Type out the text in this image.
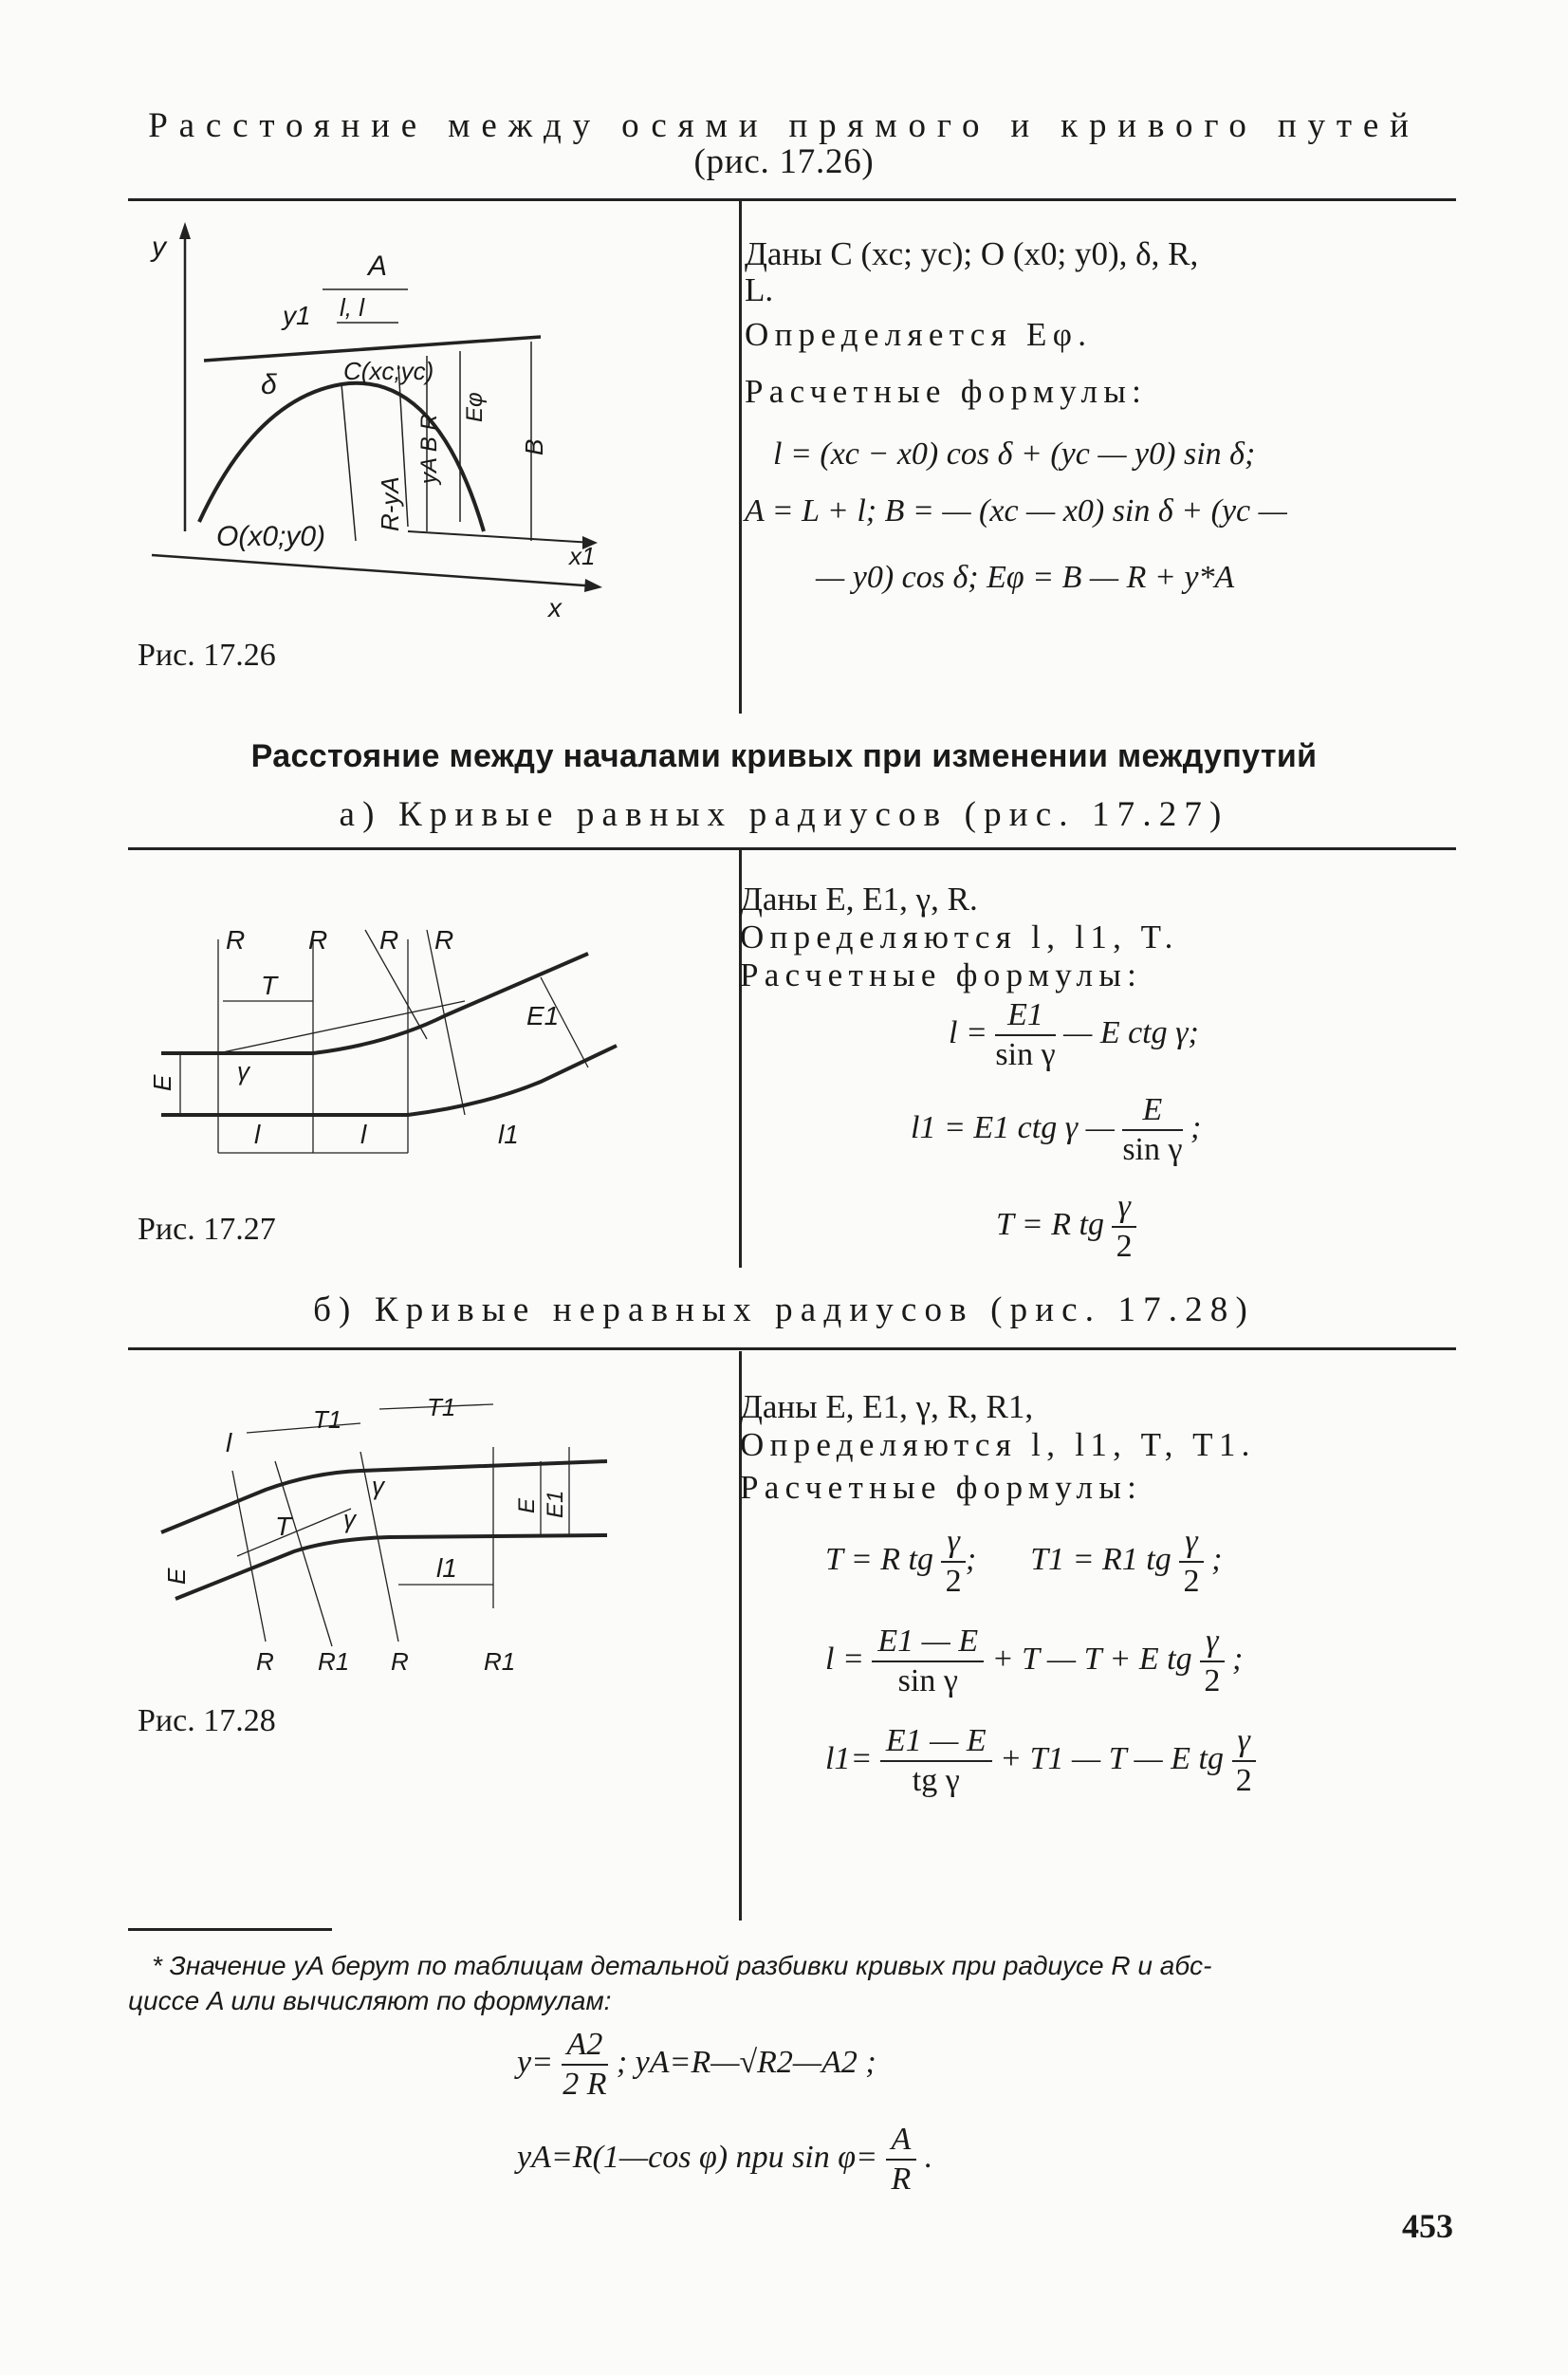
Расстояние между осями прямого и кривого путей
(рис. 17.26)
A
y1 l, l
y
δ	C(xc;yc)
yA B R
Eφ
B
R-yA
O(x0;y0)
x1
x
Рис. 17.26
Даны C (xc; yc); O (x0; y0), δ, R,
L.
Определяется Eφ.
Расчетные формулы:
l = (xc − x0) cos δ + (yc — y0) sin δ;
A = L + l; B = — (xc — x0) sin δ + (yc —
— y0) cos δ; Eφ = B — R + y*A
Расстояние между началами кривых при изменении междупутий
а) Кривые равных радиусов (рис. 17.27)
R R R R
T
E γ
l	l
E1
l1
Рис. 17.27
Даны E, E1, γ, R.
Определяются l, l1, T.
Расчетные формулы:
$l = \frac{E1}{\text{sin γ}}$ — E ctg γ;
l1 = E1 ctg γ — $\frac{E}{\text{sin γ}}$ ;
T = R tg $\frac{\gamma}{2}$
б) Кривые неравных радиусов (рис. 17.28)
l
T1	T1
T γ
γ
E
E E1
l1
R R1 R	R1
Рис. 17.28
Даны E, E1, γ, R, R1,
Определяются l, l1, T, T1.
Расчетные формулы:
T = R tg $\frac{\gamma}{2}$ ; T1 = R1 tg $\frac{\gamma}{2}$ ;
$l = \frac{E1 — E}{\text{sin γ}} + T$ — T + E tg $\frac{\gamma}{2}$ ;
$l1= \frac{E1 — E}{\text{tg γ}} + T1$ — T — E tg $\frac{\gamma}{2}$
* Значение yA берут по таблицам детальной разбивки кривых при радиусе R и абс-
циссе A или вычисляют по формулам:
$y= \frac{A2}{2 R}$ ; yA=R—√R2—A2 ;
yA=R(1—cos φ) при $\sin \varphi= \frac{A}{R}$ .
453
